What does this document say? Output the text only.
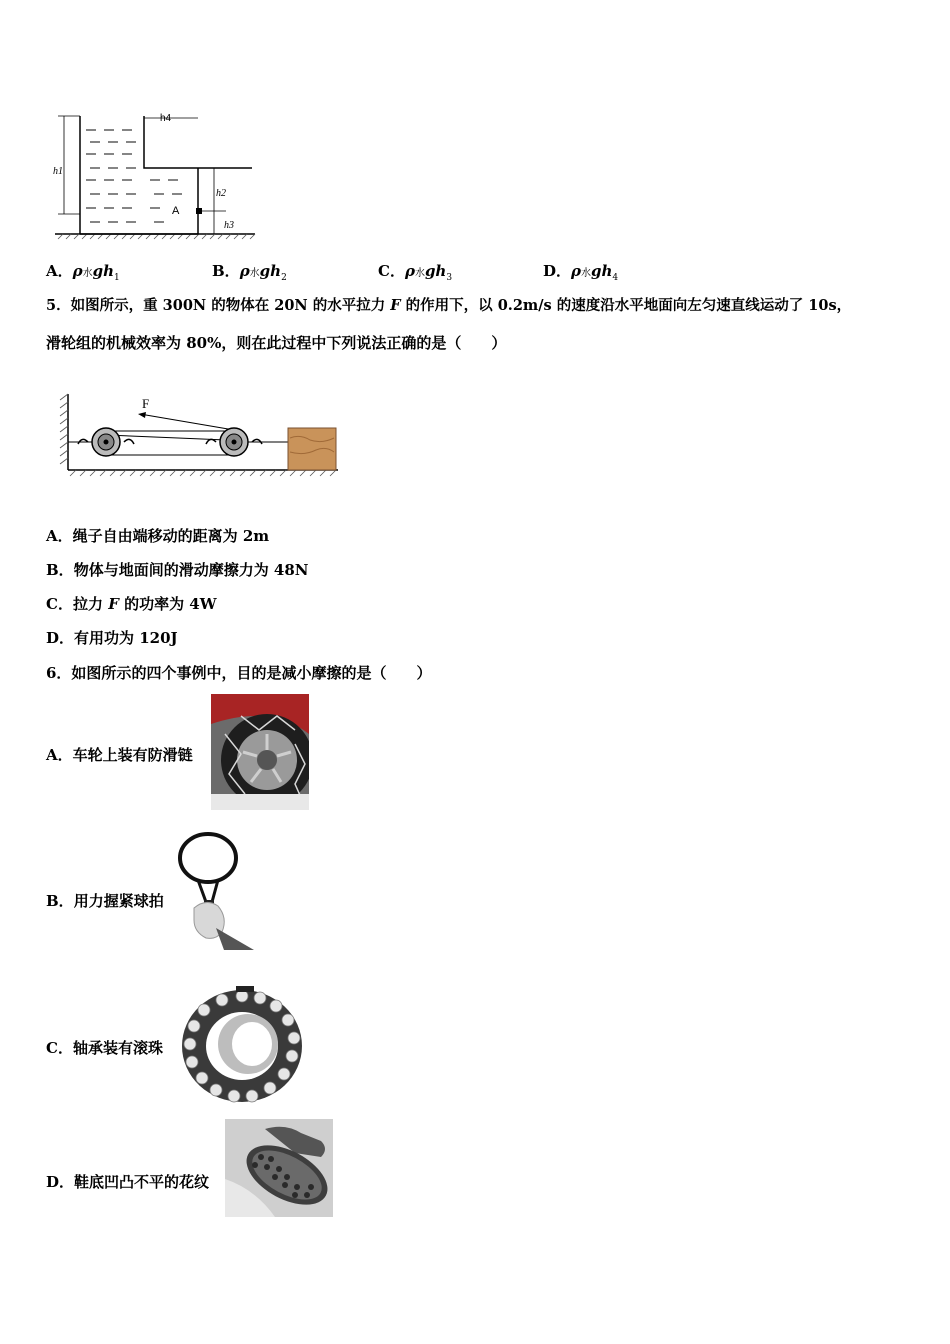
h4
h1
h2
h3
A
A．ρ水$gh_1$	B．ρ水$gh_2$	C．ρ水$gh_3$	D．ρ水$gh_4$
5．如图所示，重 300N 的物体在 20N 的水平拉力 F 的作用下，以 0.2m/s 的速度沿水平地面向左匀速直线运动了 10s，
滑轮组的机械效率为 80%，则在此过程中下列说法正确的是（　　）
F
A．绳子自由端移动的距离为 2m
B．物体与地面间的滑动摩擦力为 48N
C．拉力 F 的功率为 4W
D．有用功为 120J
6．如图所示的四个事例中，目的是减小摩擦的是（　　）
A．车轮上装有防滑链
B．用力握紧球拍
C．轴承装有滚珠
D．鞋底凹凸不平的花纹
